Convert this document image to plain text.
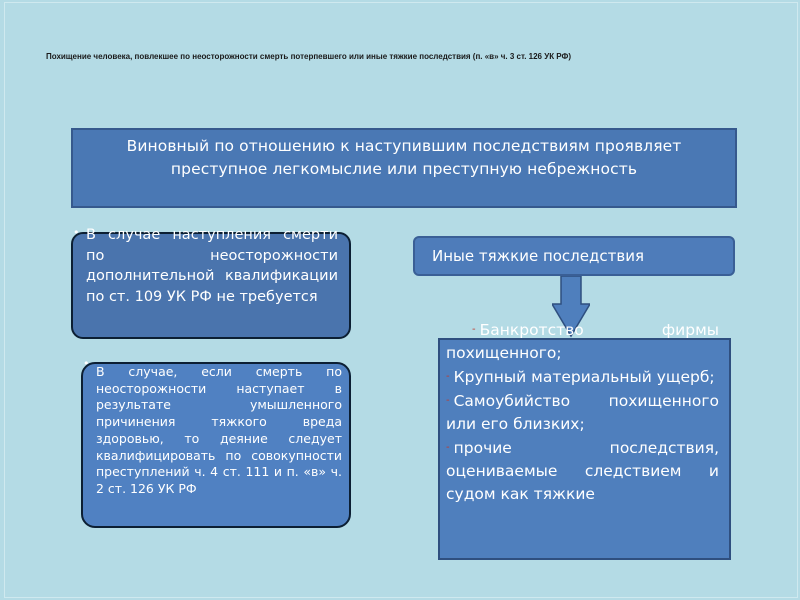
Похищение человека, повлекшее по неосторожности смерть потерпевшего или иные тяжкие последствия (п. «в» ч. 3 ст. 126 УК РФ)
Виновный по отношению к наступившим последствиям проявляет преступное легкомыслие или преступную небрежность
В случае наступления смерти по неосторожности дополнительной квалификации по ст. 109 УК РФ не требуется
•
В случае, если смерть по неосторожности наступает в результате умышленного причинения тяжкого вреда здоровью, то деяние следует квалифицировать по совокупности преступлений ч. 4 ст. 111 и п. «в» ч. 2 ст. 126 УК РФ
•
Иные тяжкие последствия
- Банкротство фирмы похищенного;
- Крупный материальный ущерб;
- Самоубийство похищенного или его близких;
- прочие последствия, оцениваемые следствием и судом как тяжкие
